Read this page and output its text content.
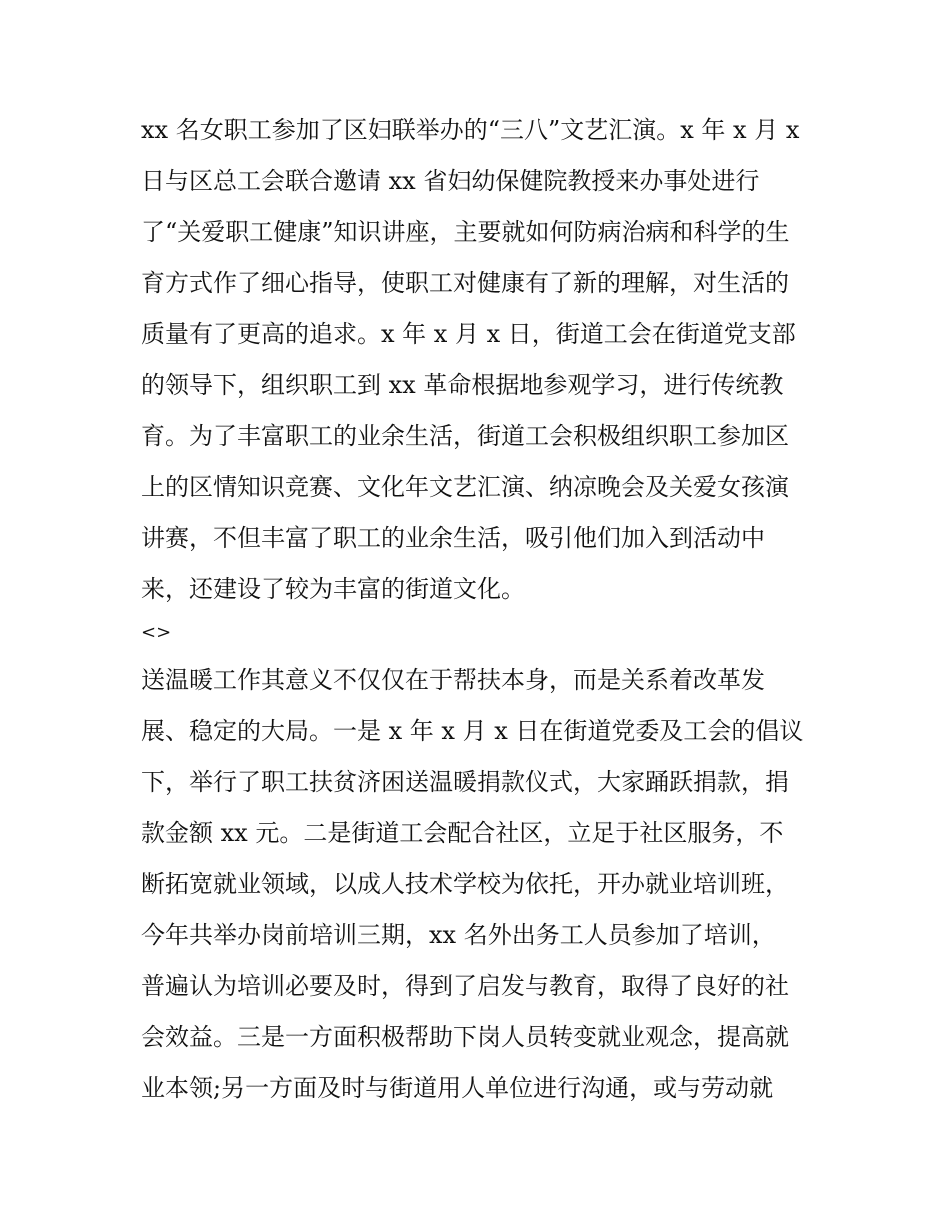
xx 名女职工参加了区妇联举办的“三八”文艺汇演。x 年 x 月 x
日与区总工会联合邀请 xx 省妇幼保健院教授来办事处进行
了“关爱职工健康”知识讲座，主要就如何防病治病和科学的生
育方式作了细心指导，使职工对健康有了新的理解，对生活的
质量有了更高的追求。x 年 x 月 x 日，街道工会在街道党支部
的领导下，组织职工到 xx 革命根据地参观学习，进行传统教
育。为了丰富职工的业余生活，街道工会积极组织职工参加区
上的区情知识竞赛、文化年文艺汇演、纳凉晚会及关爱女孩演
讲赛，不但丰富了职工的业余生活，吸引他们加入到活动中
来，还建设了较为丰富的街道文化。
<>
送温暖工作其意义不仅仅在于帮扶本身，而是关系着改革发
展、稳定的大局。一是 x 年 x 月 x 日在街道党委及工会的倡议
下，举行了职工扶贫济困送温暖捐款仪式，大家踊跃捐款，捐
款金额 xx 元。二是街道工会配合社区，立足于社区服务，不
断拓宽就业领域，以成人技术学校为依托，开办就业培训班，
今年共举办岗前培训三期，xx 名外出务工人员参加了培训，
普遍认为培训必要及时，得到了启发与教育，取得了良好的社
会效益。三是一方面积极帮助下岗人员转变就业观念，提高就
业本领;另一方面及时与街道用人单位进行沟通，或与劳动就
